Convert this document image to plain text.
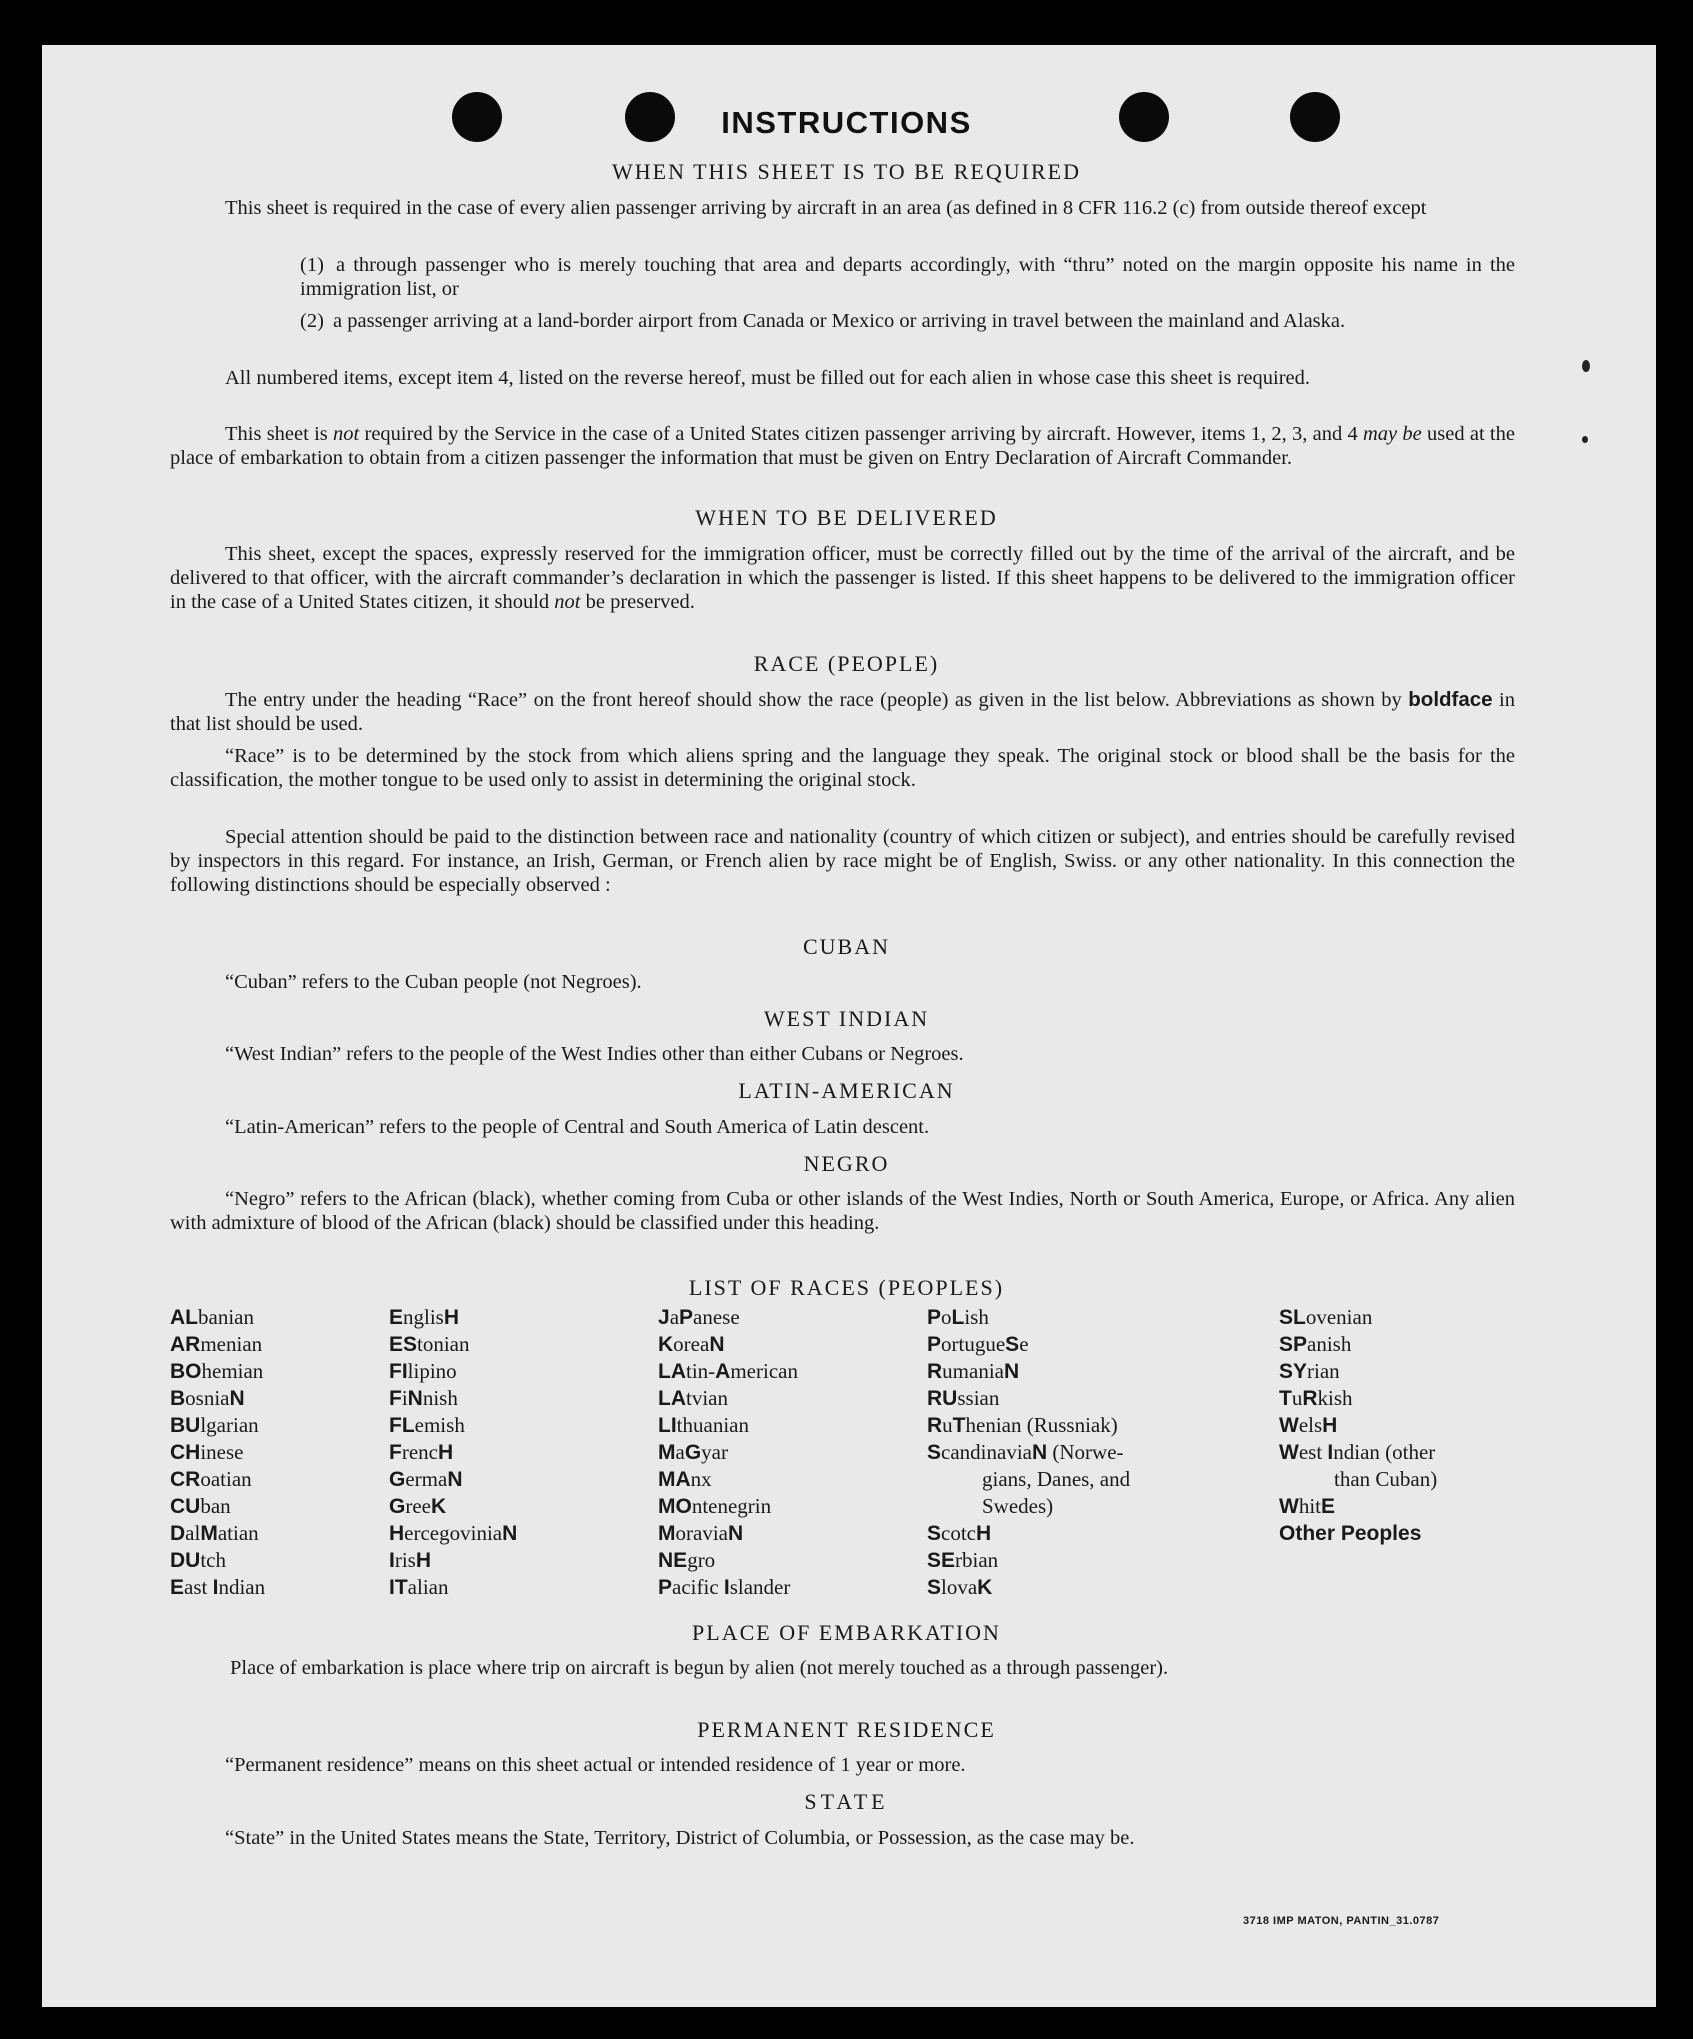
INSTRUCTIONS
WHEN THIS SHEET IS TO BE REQUIRED

This sheet is required in the case of every alien passenger arriving by aircraft in an area (as defined in 8 CFR 116.2 (c) from outside thereof except

(1) a through passenger who is merely touching that area and departs accordingly, with “thru” noted on the margin opposite his name in the immigration list, or

(2) a passenger arriving at a land-border airport from Canada or Mexico or arriving in travel between the mainland and Alaska.

All numbered items, except item 4, listed on the reverse hereof, must be filled out for each alien in whose case this sheet is required.

This sheet is not required by the Service in the case of a United States citizen passenger arriving by aircraft. However, items 1, 2, 3, and 4 may be used at the place of embarkation to obtain from a citizen passenger the information that must be given on Entry Declaration of Aircraft Commander.

WHEN TO BE DELIVERED

This sheet, except the spaces, expressly reserved for the immigration officer, must be correctly filled out by the time of the arrival of the aircraft, and be delivered to that officer, with the aircraft commander’s declaration in which the passenger is listed. If this sheet happens to be delivered to the immigration officer in the case of a United States citizen, it should not be preserved.

RACE (PEOPLE)

The entry under the heading “Race” on the front hereof should show the race (people) as given in the list below. Abbreviations as shown by boldface in that list should be used.

“Race” is to be determined by the stock from which aliens spring and the language they speak. The original stock or blood shall be the basis for the classification, the mother tongue to be used only to assist in determining the original stock.

Special attention should be paid to the distinction between race and nationality (country of which citizen or subject), and entries should be carefully revised by inspectors in this regard. For instance, an Irish, German, or French alien by race might be of English, Swiss. or any other nationality. In this connection the following distinctions should be especially observed :

CUBAN

“Cuban” refers to the Cuban people (not Negroes).

WEST INDIAN

“West Indian” refers to the people of the West Indies other than either Cubans or Negroes.

LATIN-AMERICAN

“Latin-American” refers to the people of Central and South America of Latin descent.

NEGRO

“Negro” refers to the African (black), whether coming from Cuba or other islands of the West Indies, North or South America, Europe, or Africa. Any alien with admixture of blood of the African (black) should be classified under this heading.

LIST OF RACES (PEOPLES)
ALbanian
ARmenian
BOhemian
BosniaN
BUlgarian
CHinese
CRoatian
CUban
DalMatian
DUtch
East Indian
EnglisH
EStonian
FIlipino
FiNnish
FLemish
FrencH
GermaN
GreeK
HercegoviniaN
IrisH
ITalian
JaPanese
KoreaN
LAtin-American
LAtvian
LIthuanian
MaGyar
MAnx
MOntenegrin
MoraviaN
NEgro
Pacific Islander
PoLish
PortugueSe
RumaniaN
RUssian
RuThenian (Russniak)
ScandinaviaN (Norwe-
gians, Danes, and
Swedes)
ScotcH
SErbian
SlovaK
SLovenian
SPanish
SYrian
TuRkish
WelsH
West Indian (other
than Cuban)
WhitE
Other Peoples
PLACE OF EMBARKATION

Place of embarkation is place where trip on aircraft is begun by alien (not merely touched as a through passenger).

PERMANENT RESIDENCE

“Permanent residence” means on this sheet actual or intended residence of 1 year or more.

STATE

“State” in the United States means the State, Territory, District of Columbia, or Possession, as the case may be.

3718 IMP MATON, PANTIN_31.0787
